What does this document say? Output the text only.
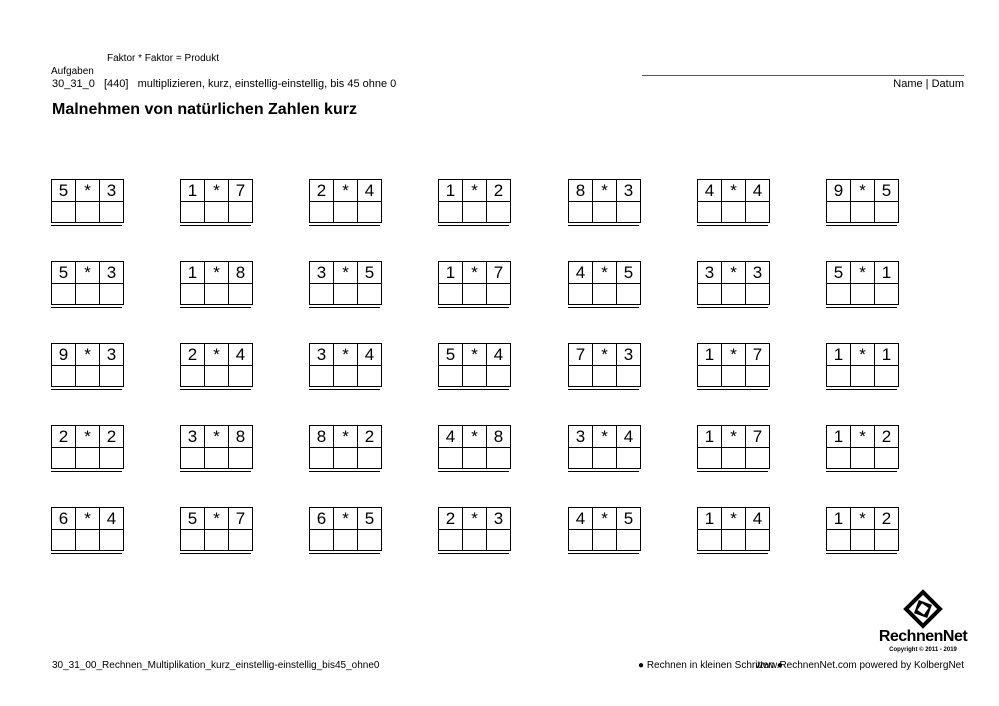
Faktor * Faktor = Produkt
Aufgaben
30_31_0 [440] multiplizieren, kurz, einstellig-einstellig, bis 45 ohne 0	Name | Datum
Malnehmen von natürlichen Zahlen kurz
5	*	3
			1	*	7
			2	*	4
			1	*	2
			8	*	3
			4	*	4
			9	*	5

5	*	3
			1	*	8
			3	*	5
			1	*	7
			4	*	5
			3	*	3
			5	*	1

9	*	3
			2	*	4
			3	*	4
			5	*	4
			7	*	3
			1	*	7
			1	*	1

2	*	2
			3	*	8
			8	*	2
			4	*	8
			3	*	4
			1	*	7
			1	*	2

6	*	4
			5	*	7
			6	*	5
			2	*	3
			4	*	5
			1	*	4
			1	*	2

30_31_00_Rechnen_Multiplikation_kurz_einstellig-einstellig_bis45_ohne0	● Rechnen in kleinen Schritten ●
www.RechnenNet.com powered by KolbergNet
RechnenNet
Copyright © 2011 - 2019
